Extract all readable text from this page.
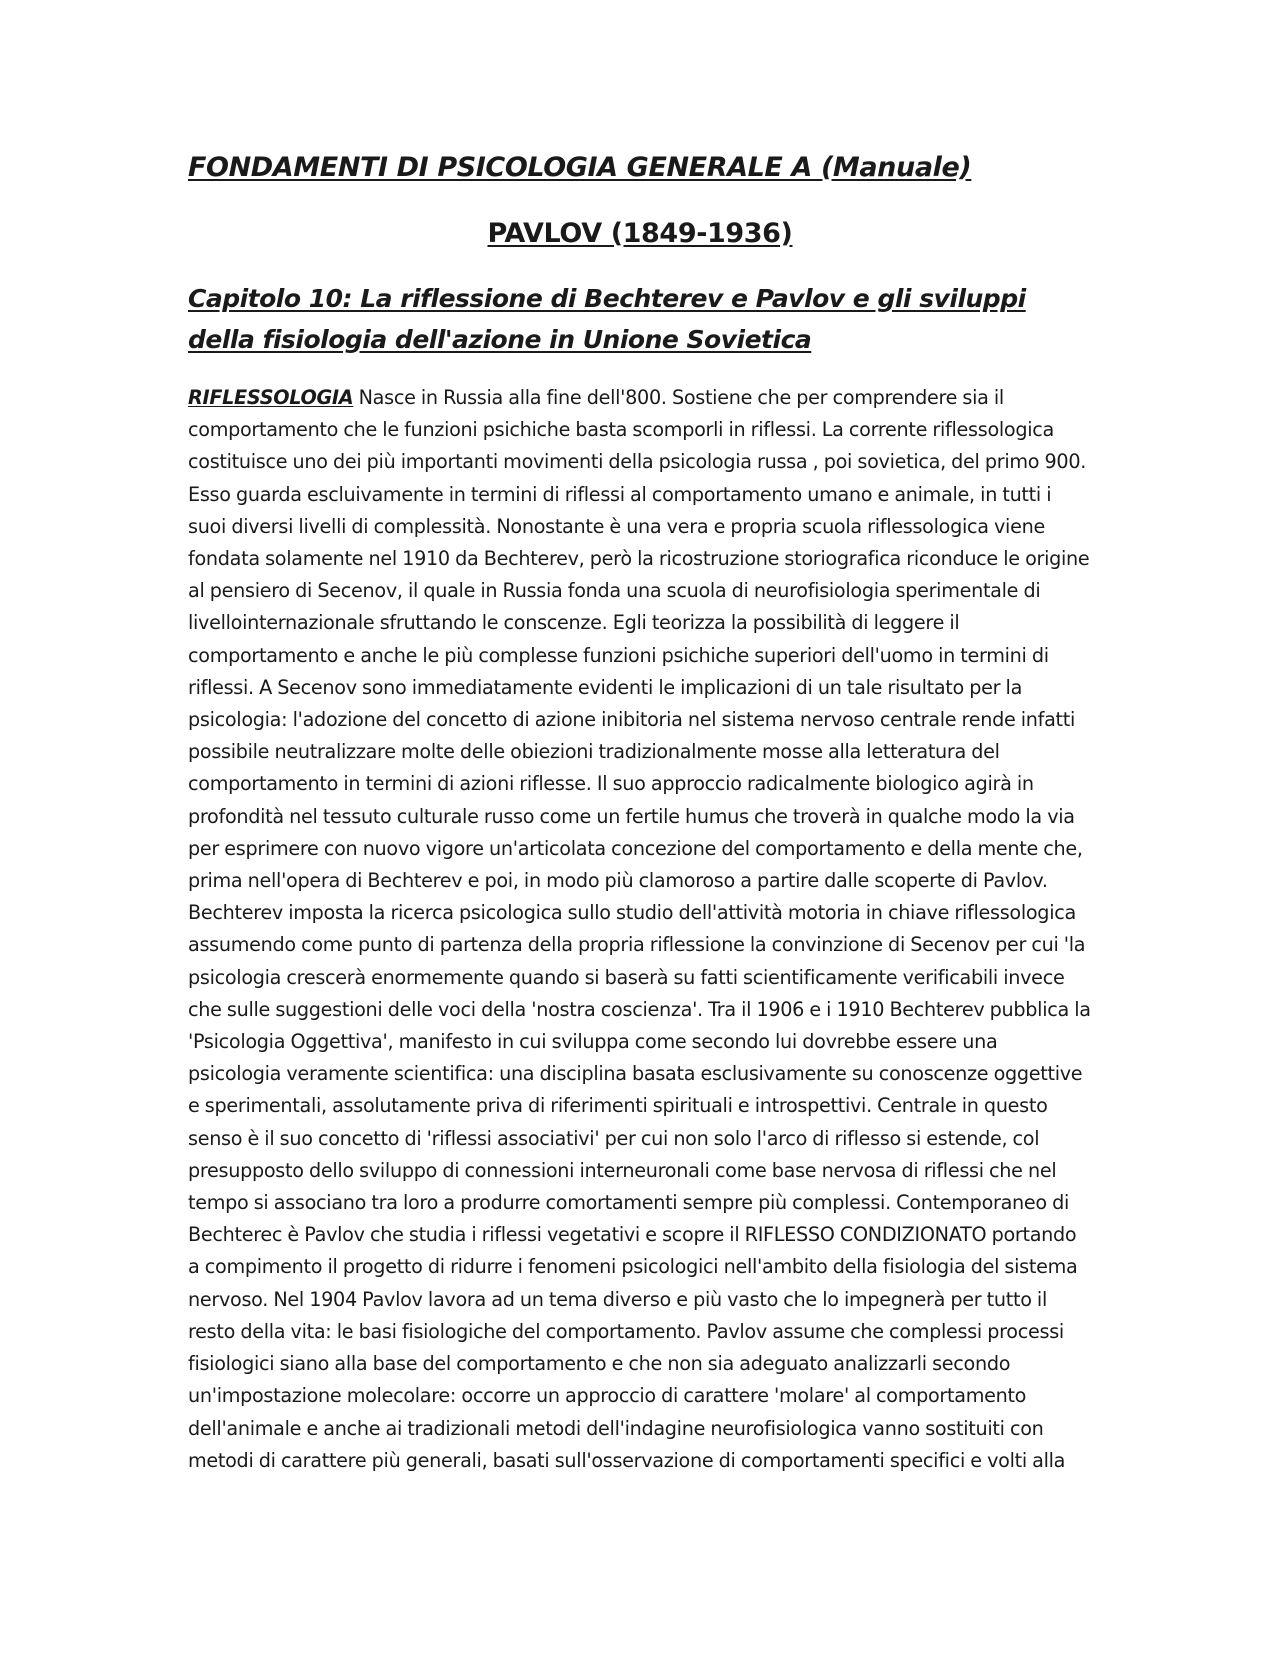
FONDAMENTI DI PSICOLOGIA GENERALE A (Manuale)
PAVLOV (1849-1936)
Capitolo 10: La riflessione di Bechterev e Pavlov e gli sviluppi della fisiologia dell'azione in Unione Sovietica

RIFLESSOLOGIA Nasce in Russia alla fine dell'800. Sostiene che per comprendere sia il comportamento che le funzioni psichiche basta scomporli in riflessi. La corrente riflessologica costituisce uno dei più importanti movimenti della psicologia russa , poi sovietica, del primo 900. Esso guarda escluivamente in termini di riflessi al comportamento umano e animale, in tutti i suoi diversi livelli di complessità. Nonostante è una vera e propria scuola riflessologica viene fondata solamente nel 1910 da Bechterev, però la ricostruzione storiografica riconduce le origine al pensiero di Secenov, il quale in Russia fonda una scuola di neurofisiologia sperimentale di livellointernazionale sfruttando le conscenze. Egli teorizza la possibilità di leggere il comportamento e anche le più complesse funzioni psichiche superiori dell'uomo in termini di riflessi. A Secenov sono immediatamente evidenti le implicazioni di un tale risultato per la psicologia: l'adozione del concetto di azione inibitoria nel sistema nervoso centrale rende infatti possibile neutralizzare molte delle obiezioni tradizionalmente mosse alla letteratura del comportamento in termini di azioni riflesse. Il suo approccio radicalmente biologico agirà in profondità nel tessuto culturale russo come un fertile humus che troverà in qualche modo la via per esprimere con nuovo vigore un'articolata concezione del comportamento e della mente che, prima nell'opera di Bechterev e poi, in modo più clamoroso a partire dalle scoperte di Pavlov. Bechterev imposta la ricerca psicologica sullo studio dell'attività motoria in chiave riflessologica assumendo come punto di partenza della propria riflessione la convinzione di Secenov per cui 'la psicologia crescerà enormemente quando si baserà su fatti scientificamente verificabili invece che sulle suggestioni delle voci della 'nostra coscienza'. Tra il 1906 e i 1910 Bechterev pubblica la 'Psicologia Oggettiva', manifesto in cui sviluppa come secondo lui dovrebbe essere una psicologia veramente scientifica: una disciplina basata esclusivamente su conoscenze oggettive e sperimentali, assolutamente priva di riferimenti spirituali e introspettivi. Centrale in questo senso è il suo concetto di 'riflessi associativi' per cui non solo l'arco di riflesso si estende, col presupposto dello sviluppo di connessioni interneuronali come base nervosa di riflessi che nel tempo si associano tra loro a produrre comortamenti sempre più complessi. Contemporaneo di Bechterec è Pavlov che studia i riflessi vegetativi e scopre il RIFLESSO CONDIZIONATO portando a compimento il progetto di ridurre i fenomeni psicologici nell'ambito della fisiologia del sistema nervoso. Nel 1904 Pavlov lavora ad un tema diverso e più vasto che lo impegnerà per tutto il resto della vita: le basi fisiologiche del comportamento. Pavlov assume che complessi processi fisiologici siano alla base del comportamento e che non sia adeguato analizzarli secondo un'impostazione molecolare: occorre un approccio di carattere 'molare' al comportamento dell'animale e anche ai tradizionali metodi dell'indagine neurofisiologica vanno sostituiti con metodi di carattere più generali, basati sull'osservazione di comportamenti specifici e volti alla
